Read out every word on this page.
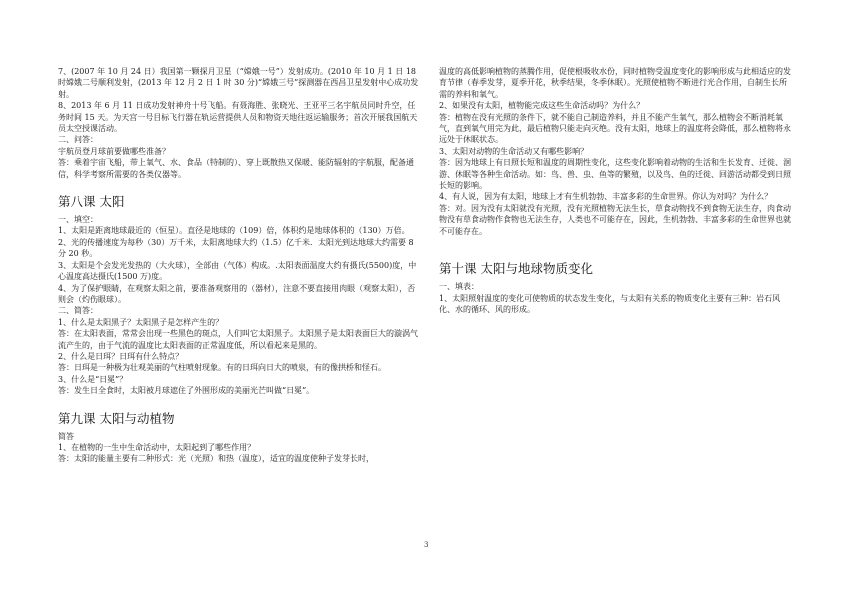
7、(2007 年 10 月 24 日）我国第一颗探月卫星（“嫦娥一号”）发射成功。(2010 年 10 月 1 日 18 时嫦娥二号顺利发射，(2013 年 12 月 2 日 1 时 30 分)“嫦娥三号”探测器在西昌卫星发射中心成功发射。

8、2013 年 6 月 11 日成功发射神舟十号飞船。有聂海胜、张晓光、王亚平三名宇航员同时升空，任务时间 15 天。为天宫一号目标飞行器在轨运营提供人员和物资天地往返运输服务；首次开展我国航天员太空授课活动。

二、问答：

宇航员登月球前要做哪些准备？

答：乘着宇宙飞船，带上氧气、水、食品（特制的）、穿上既散热又保暖、能防辐射的宇航服，配备通信，科学考察所需要的各类仪器等。

第八课 太阳

一、填空：

1、太阳是距离地球最近的（恒星）。直径是地球的（109）倍，体积约是地球体积的（130）万倍。

2、光的传播速度为每秒（30）万千米，太阳离地球大约（1.5）亿千米．太阳光到达地球大约需要 8 分 20 秒。

3、太阳是个会发光发热的（大火球），全部由（气体）构成。.太阳表面温度大约有摄氏(5500)度，中心温度高达摄氏(1500 万)度。

4、为了保护眼睛，在观察太阳之前，要准备观察用的（器材），注意不要直接用肉眼（观察太阳），否则会（灼伤眼球）。

二、简答：

1、什么是太阳黑子？太阳黑子是怎样产生的？

答：在太阳表面，常常会出现一些黑色的斑点，人们叫它太阳黑子。太阳黑子是太阳表面巨大的漩涡气流产生的，由于气流的温度比太阳表面的正常温度低，所以看起来是黑的。

2、什么是日珥？日珥有什么特点？

答：日珥是一种极为壮观美丽的气柱喷射现象。有的日珥向日大的喷泉，有的像拱桥和怪石。

3、什么是“日冕”？

答：发生日全食时，太阳被月球遮住了外围形成的美丽光芒叫做“日冕”。

第九课 太阳与动植物

简答

1、在植物的一生中生命活动中，太阳起到了哪些作用？

答：太阳的能量主要有二种形式：光（光照）和热（温度），适宜的温度使种子发芽长时，

温度的高低影响植物的蒸腾作用，促使根吸收水份，同时植物受温度变化的影响形成与此相适应的发育节律（春季发芽，夏季开花，秋季结果，冬季休眠）。光照使植物不断进行光合作用，自制生长所需的养料和氧气。

2、如果没有太阳，植物能完成这些生命活动吗？为什么？

答：植物在没有光照的条件下，就不能自己制造养料，并且不能产生氧气，那么植物会不断消耗氧气，直到氧气用完为此，最后植物只能走向灭绝。没有太阳，地球上的温度将会降低，那么植物将永远处于休眠状态。

3、太阳对动物的生命活动又有哪些影响？

答：因为地球上有日照长短和温度的周期性变化，这些变化影响着动物的生活和生长发育、迁徙、洄游、休眠等各种生命活动。如：鸟、兽、虫、鱼等的繁殖，以及鸟、鱼的迁徙、回游活动都受到日照长短的影响。

4、有人说，因为有太阳，地球上才有生机勃勃、丰富多彩的生命世界。你认为对吗？为什么？

答：对。因为没有太阳就没有光照，没有光照植物无法生长，草食动物找不到食物无法生存，肉食动物没有草食动物作食物也无法生存，人类也不可能存在，因此，生机勃勃、丰富多彩的生命世界也就不可能存在。

第十课 太阳与地球物质变化

一、填表：

1、太阳照射温度的变化可使物质的状态发生变化，与太阳有关系的物质变化主要有三种：岩石风化、水的循环、风的形成。

3
